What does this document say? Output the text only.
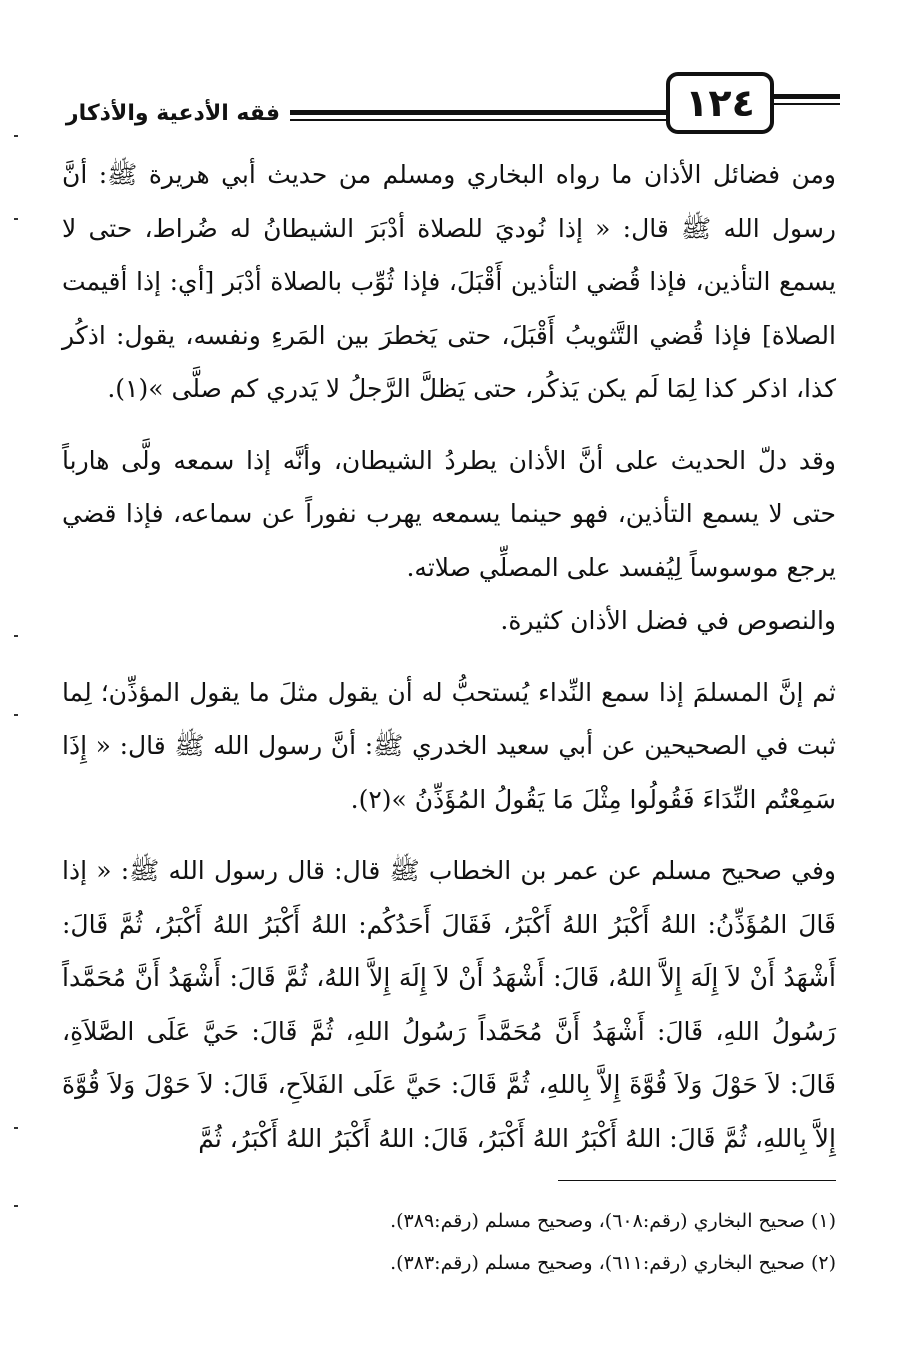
١٢٤
فقه الأدعية والأذكار

ومن فضائل الأذان ما رواه البخاري ومسلم من حديث أبي هريرة ﷺ: أنَّ رسول الله ﷺ قال: « إذا نُوديَ للصلاة أدْبَرَ الشيطانُ له ضُراط، حتى لا يسمع التأذين، فإذا قُضي التأذين أَقْبَلَ، فإذا ثُوِّب بالصلاة أدْبَر [أي: إذا أقيمت الصلاة] فإذا قُضي التَّثويبُ أَقْبَلَ، حتى يَخطرَ بين المَرءِ ونفسه، يقول: اذكُر كذا، اذكر كذا لِمَا لَم يكن يَذكُر، حتى يَظلَّ الرَّجلُ لا يَدري كم صلَّى »(١).

وقد دلّ الحديث على أنَّ الأذان يطردُ الشيطان، وأنَّه إذا سمعه ولَّى هارباً حتى لا يسمع التأذين، فهو حينما يسمعه يهرب نفوراً عن سماعه، فإذا قضي يرجع موسوساً لِيُفسد على المصلِّي صلاته.

والنصوص في فضل الأذان كثيرة.

ثم إنَّ المسلمَ إذا سمع النِّداء يُستحبُّ له أن يقول مثلَ ما يقول المؤذِّن؛ لِما ثبت في الصحيحين عن أبي سعيد الخدري ﷺ: أنَّ رسول الله ﷺ قال: « إِذَا سَمِعْتُم النِّدَاءَ فَقُولُوا مِثْلَ مَا يَقُولُ المُؤَذِّنُ »(٢).

وفي صحيح مسلم عن عمر بن الخطاب ﷺ قال: قال رسول الله ﷺ: « إذا قَالَ المُؤَذِّنُ: اللهُ أَكْبَرُ اللهُ أَكْبَرُ، فَقَالَ أَحَدُكُم: اللهُ أَكْبَرُ اللهُ أَكْبَرُ، ثُمَّ قَالَ: أَشْهَدُ أَنْ لاَ إِلَهَ إِلاَّ اللهُ، قَالَ: أَشْهَدُ أَنْ لاَ إِلَهَ إِلاَّ اللهُ، ثُمَّ قَالَ: أَشْهَدُ أَنَّ مُحَمَّداً رَسُولُ اللهِ، قَالَ: أَشْهَدُ أَنَّ مُحَمَّداً رَسُولُ اللهِ، ثُمَّ قَالَ: حَيَّ عَلَى الصَّلاَةِ، قَالَ: لاَ حَوْلَ وَلاَ قُوَّةَ إِلاَّ بِاللهِ، ثُمَّ قَالَ: حَيَّ عَلَى الفَلاَحِ، قَالَ: لاَ حَوْلَ وَلاَ قُوَّةَ إِلاَّ بِاللهِ، ثُمَّ قَالَ: اللهُ أَكْبَرُ اللهُ أَكْبَرُ، قَالَ: اللهُ أَكْبَرُ اللهُ أَكْبَرُ، ثُمَّ

(١) صحيح البخاري (رقم:٦٠٨)، وصحيح مسلم (رقم:٣٨٩).
(٢) صحيح البخاري (رقم:٦١١)، وصحيح مسلم (رقم:٣٨٣).
